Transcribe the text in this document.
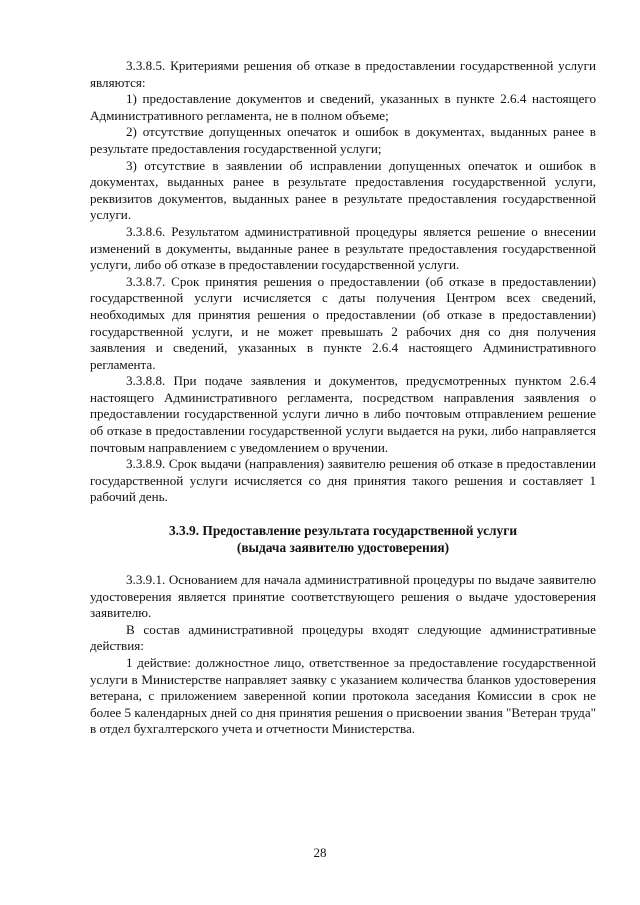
3.3.8.5. Критериями решения об отказе в предоставлении государственной услуги являются:

1) предоставление документов и сведений, указанных в пункте 2.6.4 настоящего Административного регламента, не в полном объеме;

2) отсутствие допущенных опечаток и ошибок в документах, выданных ранее в результате предоставления государственной услуги;

3) отсутствие в заявлении об исправлении допущенных опечаток и ошибок в документах, выданных ранее в результате предоставления государственной услуги, реквизитов документов, выданных ранее в результате предоставления государственной услуги.

3.3.8.6. Результатом административной процедуры является решение о внесении изменений в документы, выданные ранее в результате предоставления государственной услуги, либо об отказе в предоставлении государственной услуги.

3.3.8.7. Срок принятия решения о предоставлении (об отказе в предоставлении) государственной услуги исчисляется с даты получения Центром всех сведений, необходимых для принятия решения о предоставлении (об отказе в предоставлении) государственной услуги, и не может превышать 2 рабочих дня со дня получения заявления и сведений, указанных в пункте 2.6.4 настоящего Административного регламента.

3.3.8.8. При подаче заявления и документов, предусмотренных пунктом 2.6.4 настоящего Административного регламента, посредством направления заявления о предоставлении государственной услуги лично в либо почтовым отправлением решение об отказе в предоставлении государственной услуги выдается на руки, либо направляется почтовым направлением с уведомлением о вручении.

3.3.8.9. Срок выдачи (направления) заявителю решения об отказе в предоставлении государственной услуги исчисляется со дня принятия такого решения и составляет 1 рабочий день.

3.3.9. Предоставление результата государственной услуги

(выдача заявителю удостоверения)

3.3.9.1. Основанием для начала административной процедуры по выдаче заявителю удостоверения является принятие соответствующего решения о выдаче удостоверения заявителю.

В состав административной процедуры входят следующие административные действия:

1 действие: должностное лицо, ответственное за предоставление государственной услуги в Министерстве направляет заявку с указанием количества бланков удостоверения ветерана, с приложением заверенной копии протокола заседания Комиссии в срок не более 5 календарных дней со дня принятия решения о присвоении звания "Ветеран труда" в отдел бухгалтерского учета и отчетности Министерства.

28
